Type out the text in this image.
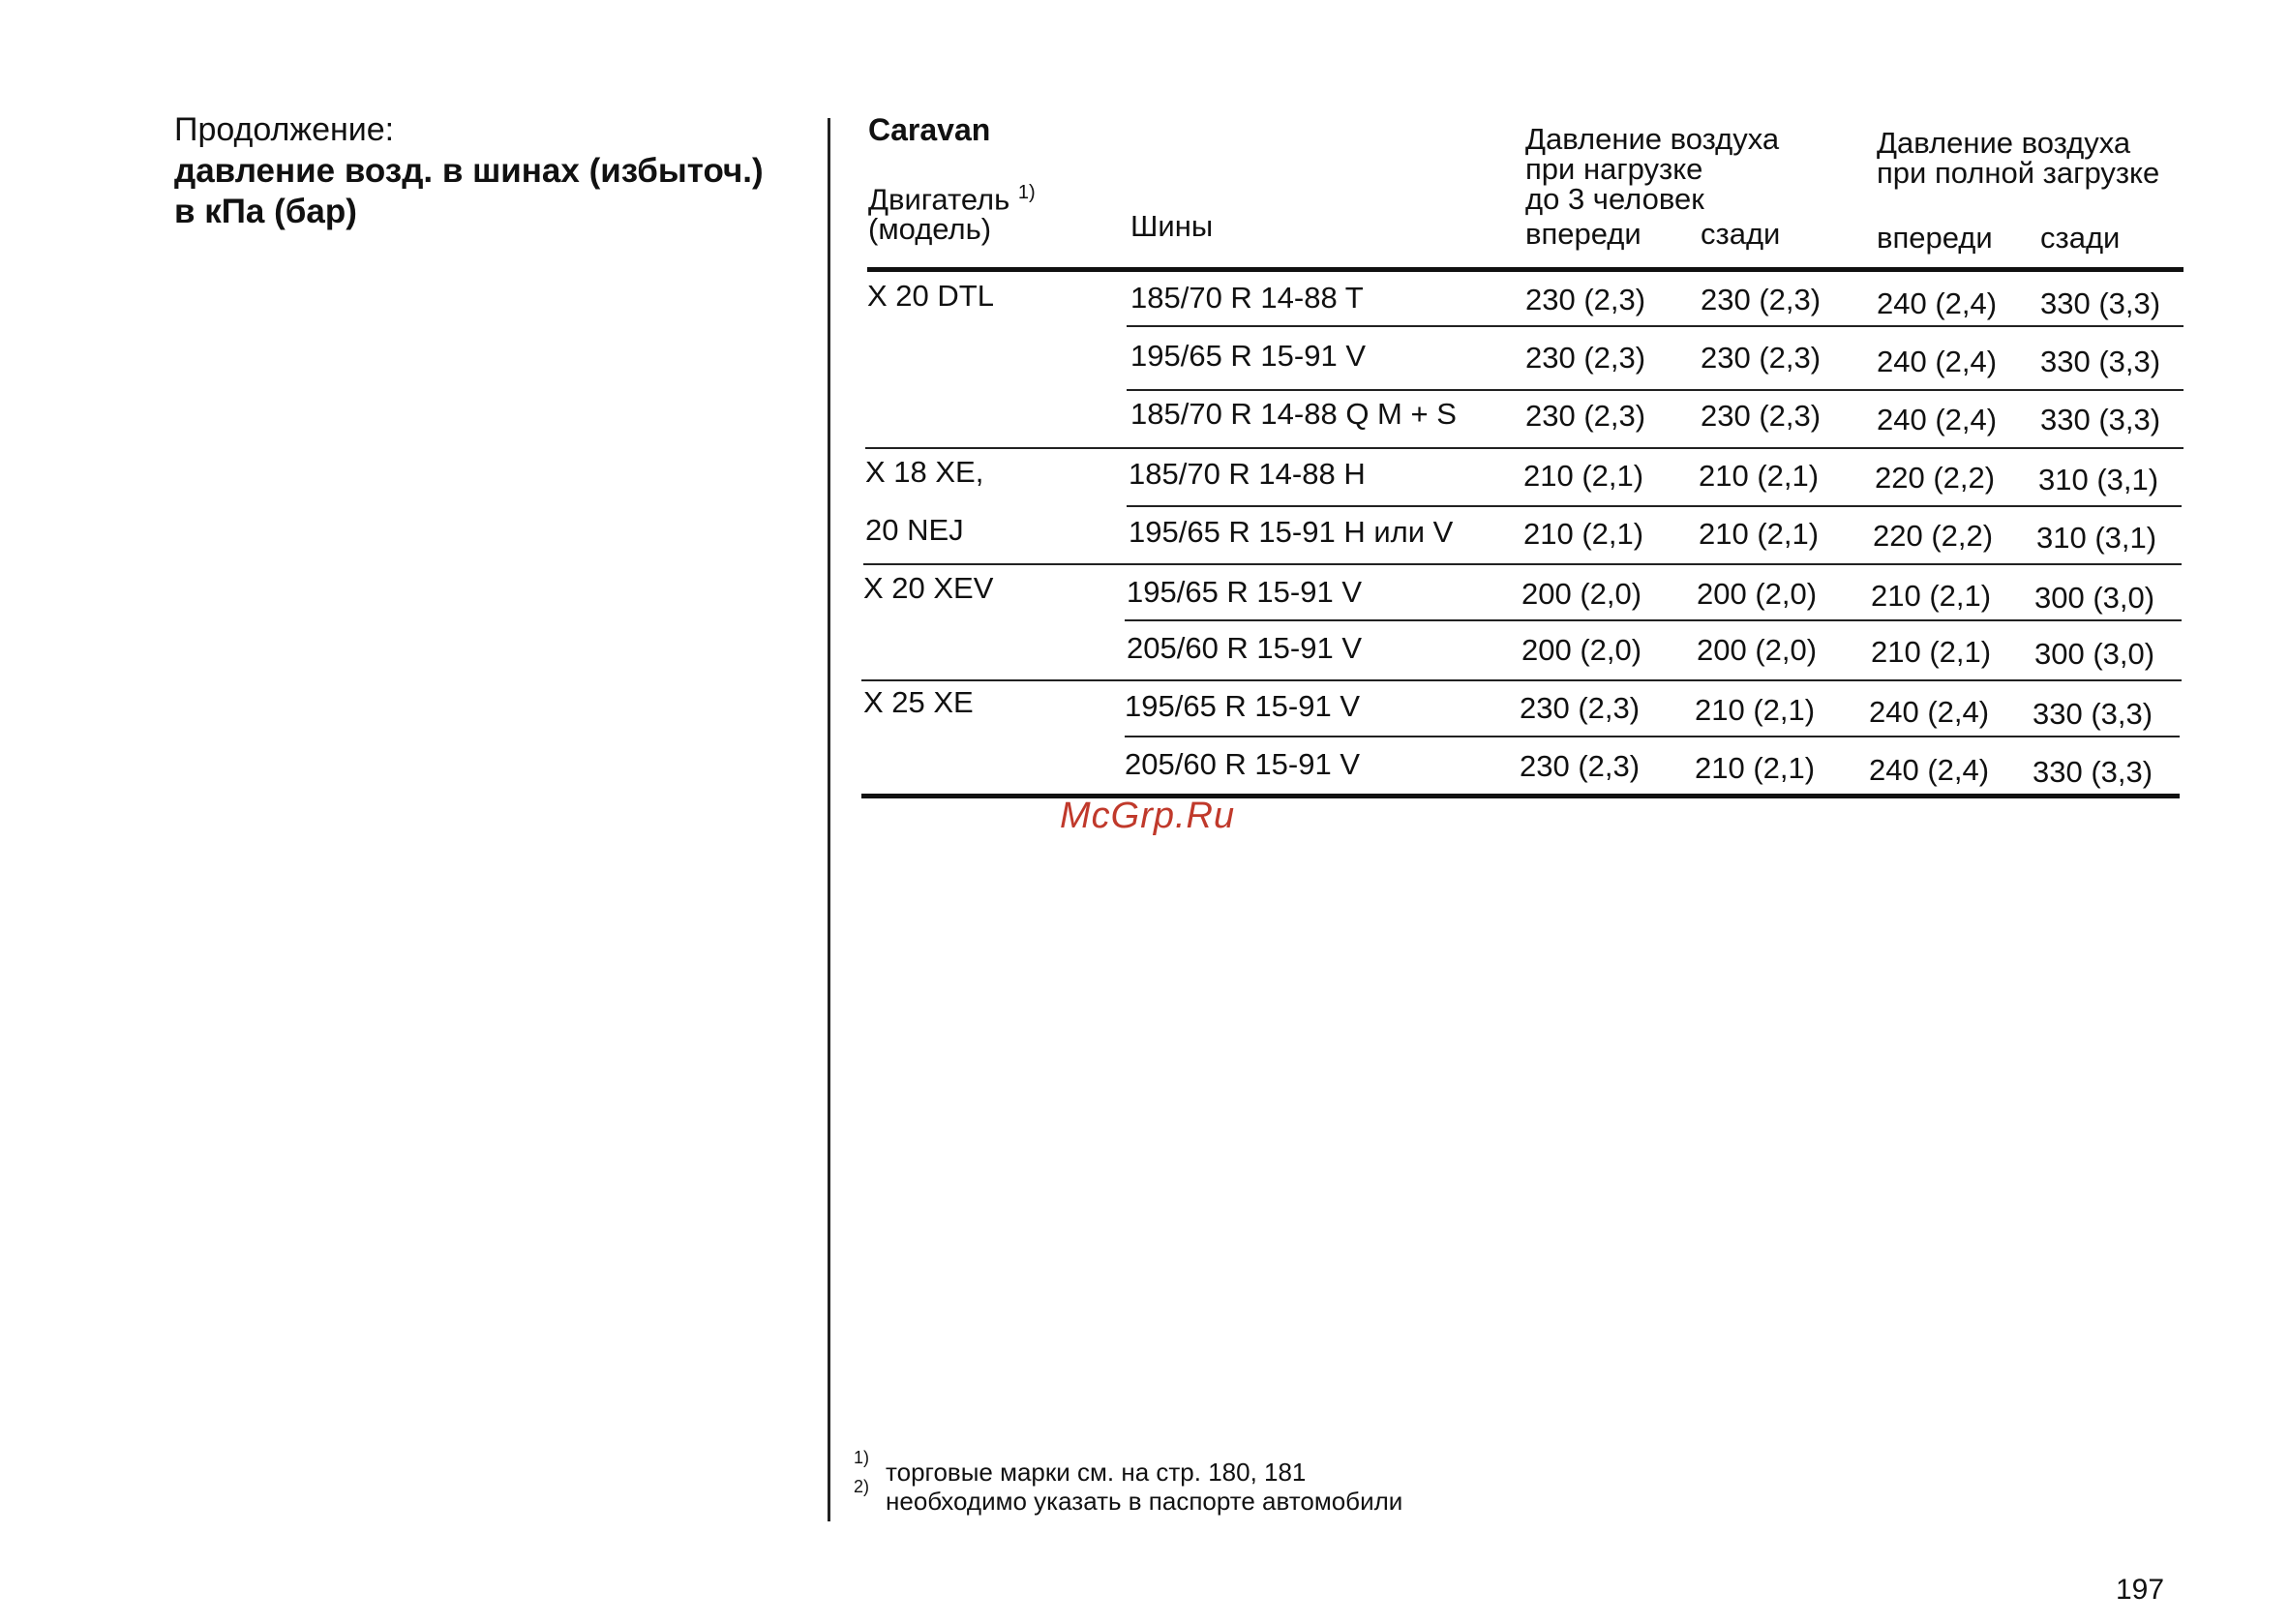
Продолжение:
давление возд. в шинах (избыточ.)
в кПа (бар)
Caravan
Двигатель $^{1)}$
(модель)	Шины
Давление воздуха
при нагрузке
до 3 человек
впереди сзади
Давление воздуха
при полной загрузке
впереди сзади
X 20 DTL	185/70 R 14-88 T	230 (2,3) 230 (2,3) 240 (2,4) 330 (3,3)
195/65 R 15-91 V	230 (2,3) 230 (2,3) 240 (2,4) 330 (3,3)
185/70 R 14-88 Q M + S 230 (2,3) 230 (2,3) 240 (2,4) 330 (3,3)
X 18 XE,	185/70 R 14-88 H	210 (2,1) 210 (2,1) 220 (2,2) 310 (3,1)
20 NEJ	195/65 R 15-91 H или V 210 (2,1) 210 (2,1) 220 (2,2) 310 (3,1)
X 20 XEV	195/65 R 15-91 V	200 (2,0) 200 (2,0) 210 (2,1) 300 (3,0)
205/60 R 15-91 V	200 (2,0) 200 (2,0) 210 (2,1) 300 (3,0)
X 25 XE	195/65 R 15-91 V	230 (2,3) 210 (2,1) 240 (2,4) 330 (3,3)
205/60 R 15-91 V	230 (2,3) 210 (2,1) 240 (2,4) 330 (3,3)
McGrp.Ru
1) торговые марки см. на стр. 180, 181
2) необходимо указать в паспорте автомобили
197
